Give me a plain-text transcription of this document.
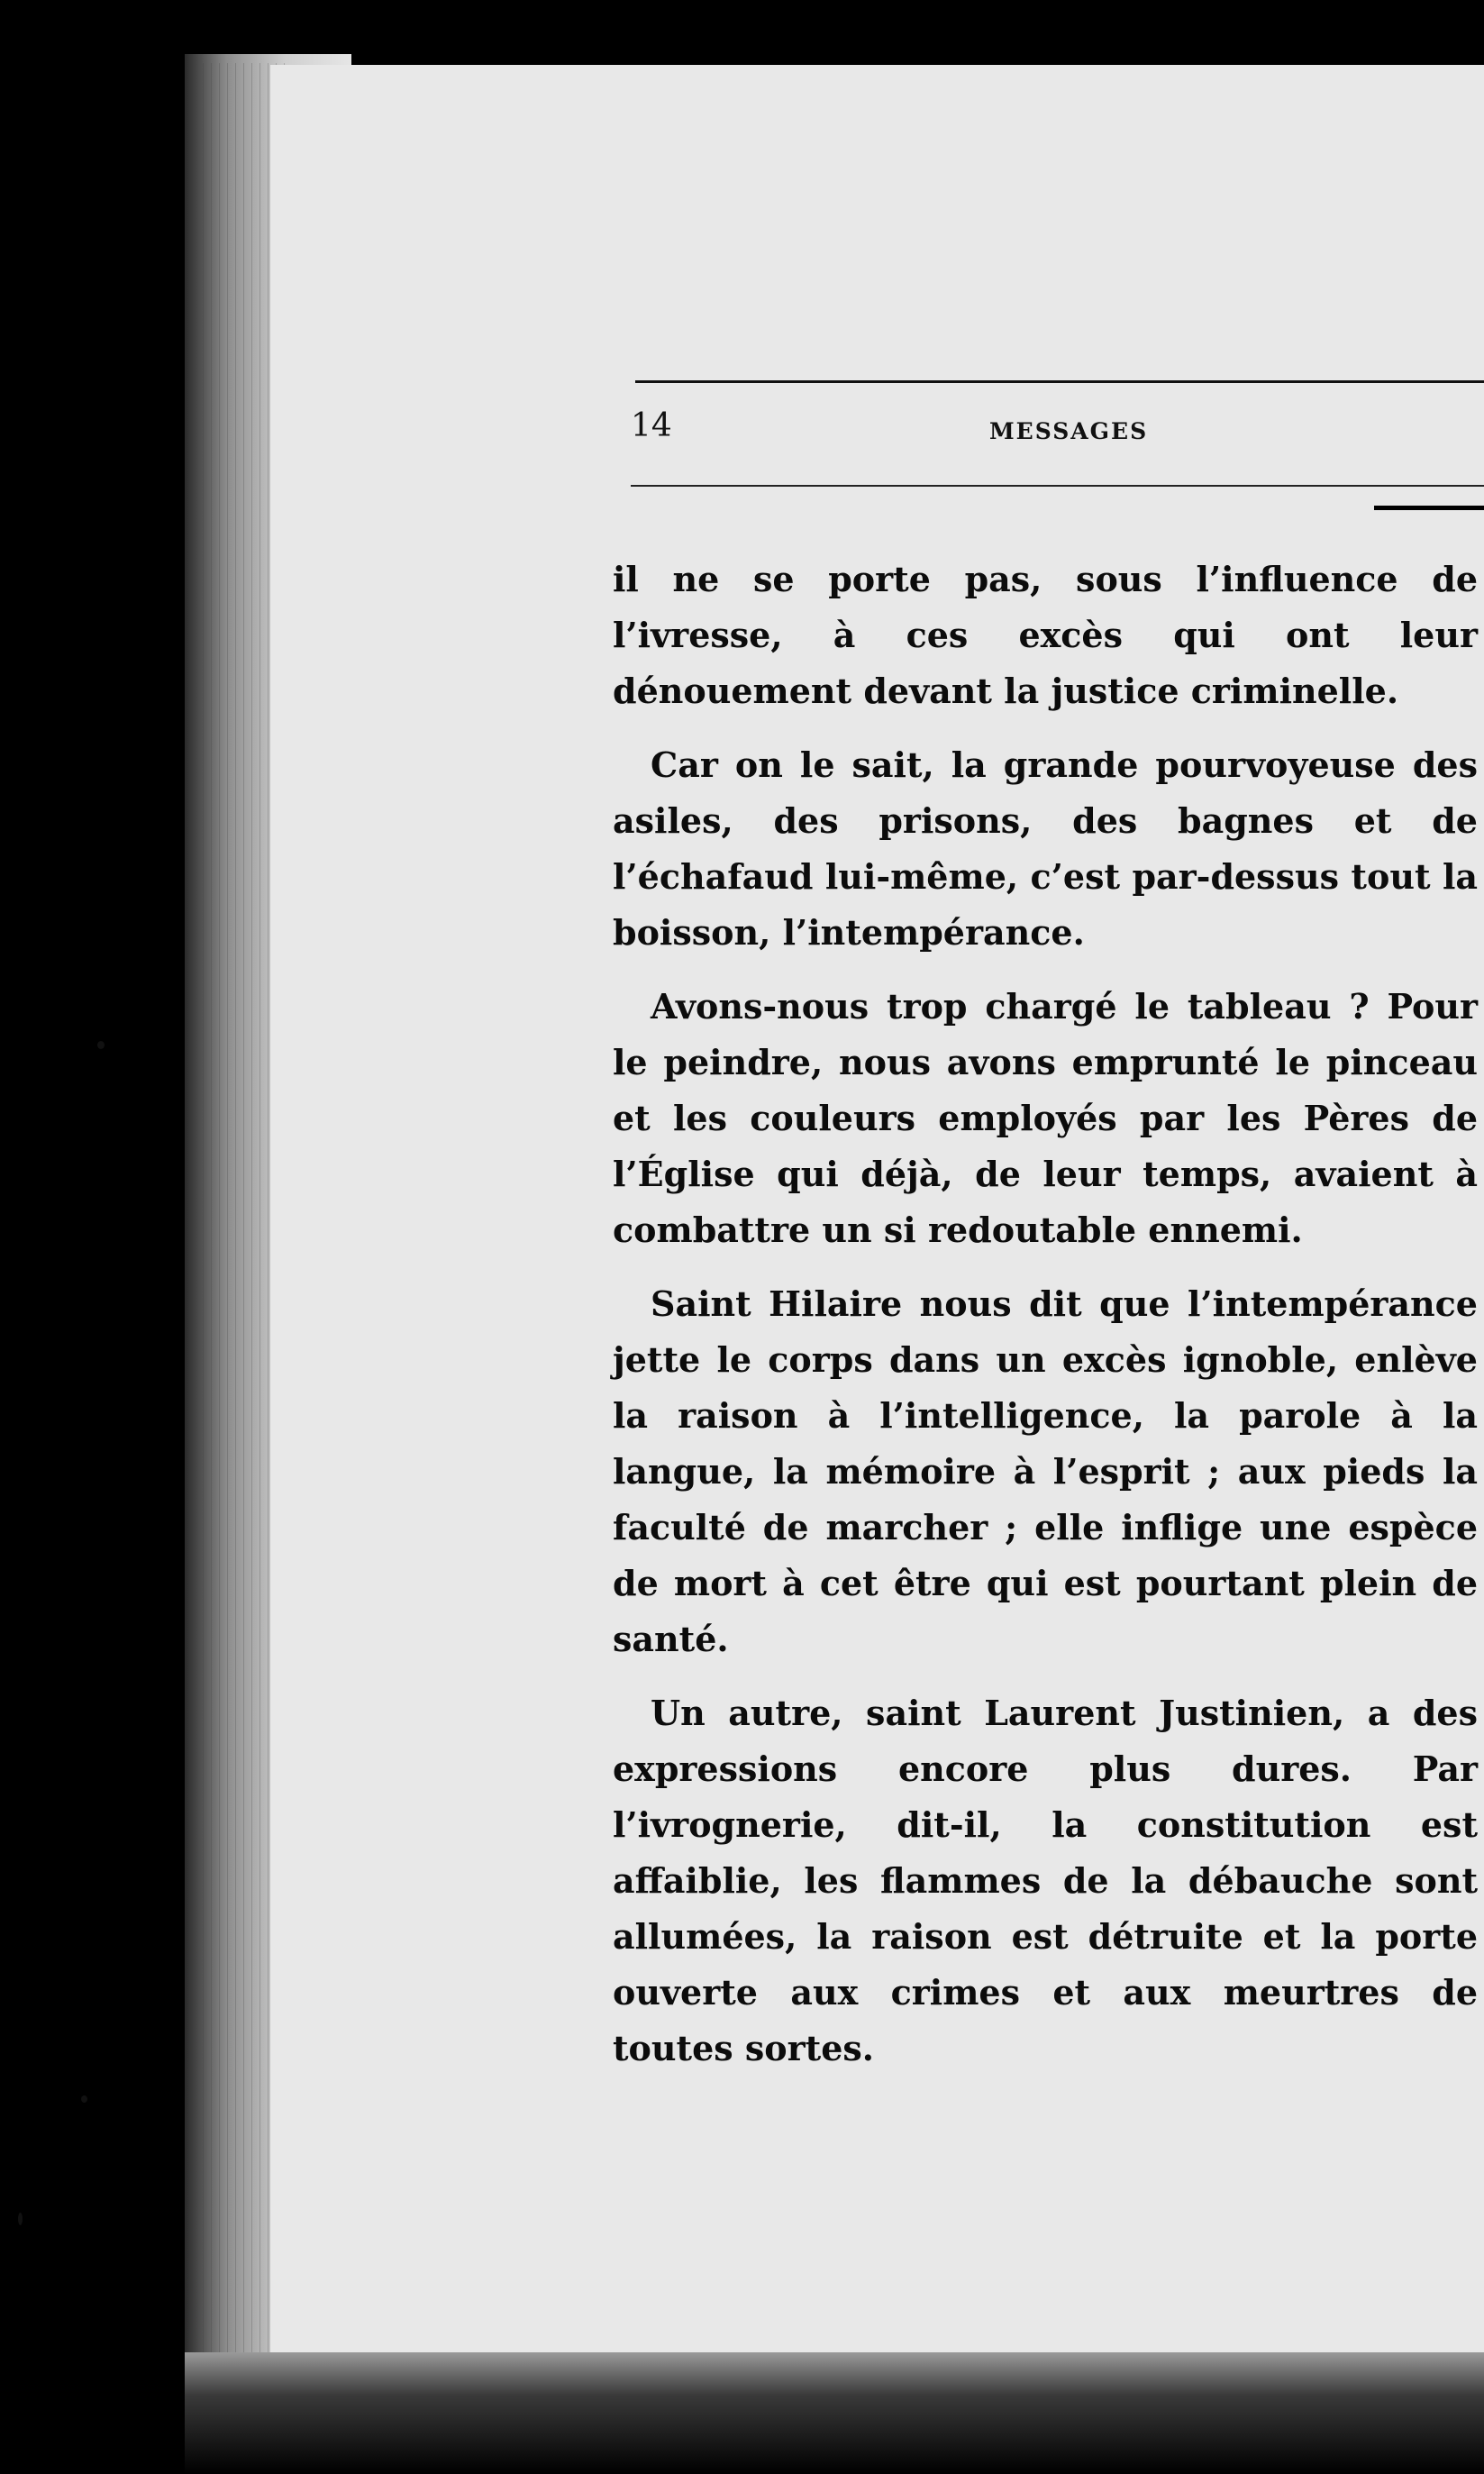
14	MESSAGES

il ne se porte pas, sous l’influence de l’ivresse, à ces excès qui ont leur dénouement devant la justice criminelle.

Car on le sait, la grande pourvoyeuse des asiles, des prisons, des bagnes et de l’échafaud lui-même, c’est par-dessus tout la boisson, l’intempérance.

Avons-nous trop chargé le tableau ? Pour le peindre, nous avons emprunté le pinceau et les couleurs employés par les Pères de l’Église qui déjà, de leur temps, avaient à combattre un si redoutable ennemi.

Saint Hilaire nous dit que l’intempérance jette le corps dans un excès ignoble, enlève la raison à l’intelligence, la parole à la langue, la mémoire à l’esprit ; aux pieds la faculté de marcher ; elle inflige une espèce de mort à cet être qui est pourtant plein de santé.

Un autre, saint Laurent Justinien, a des expressions encore plus dures. Par l’ivrognerie, dit-il, la constitution est affaiblie, les flammes de la débauche sont allumées, la raison est détruite et la porte ouverte aux crimes et aux meurtres de toutes sortes.
